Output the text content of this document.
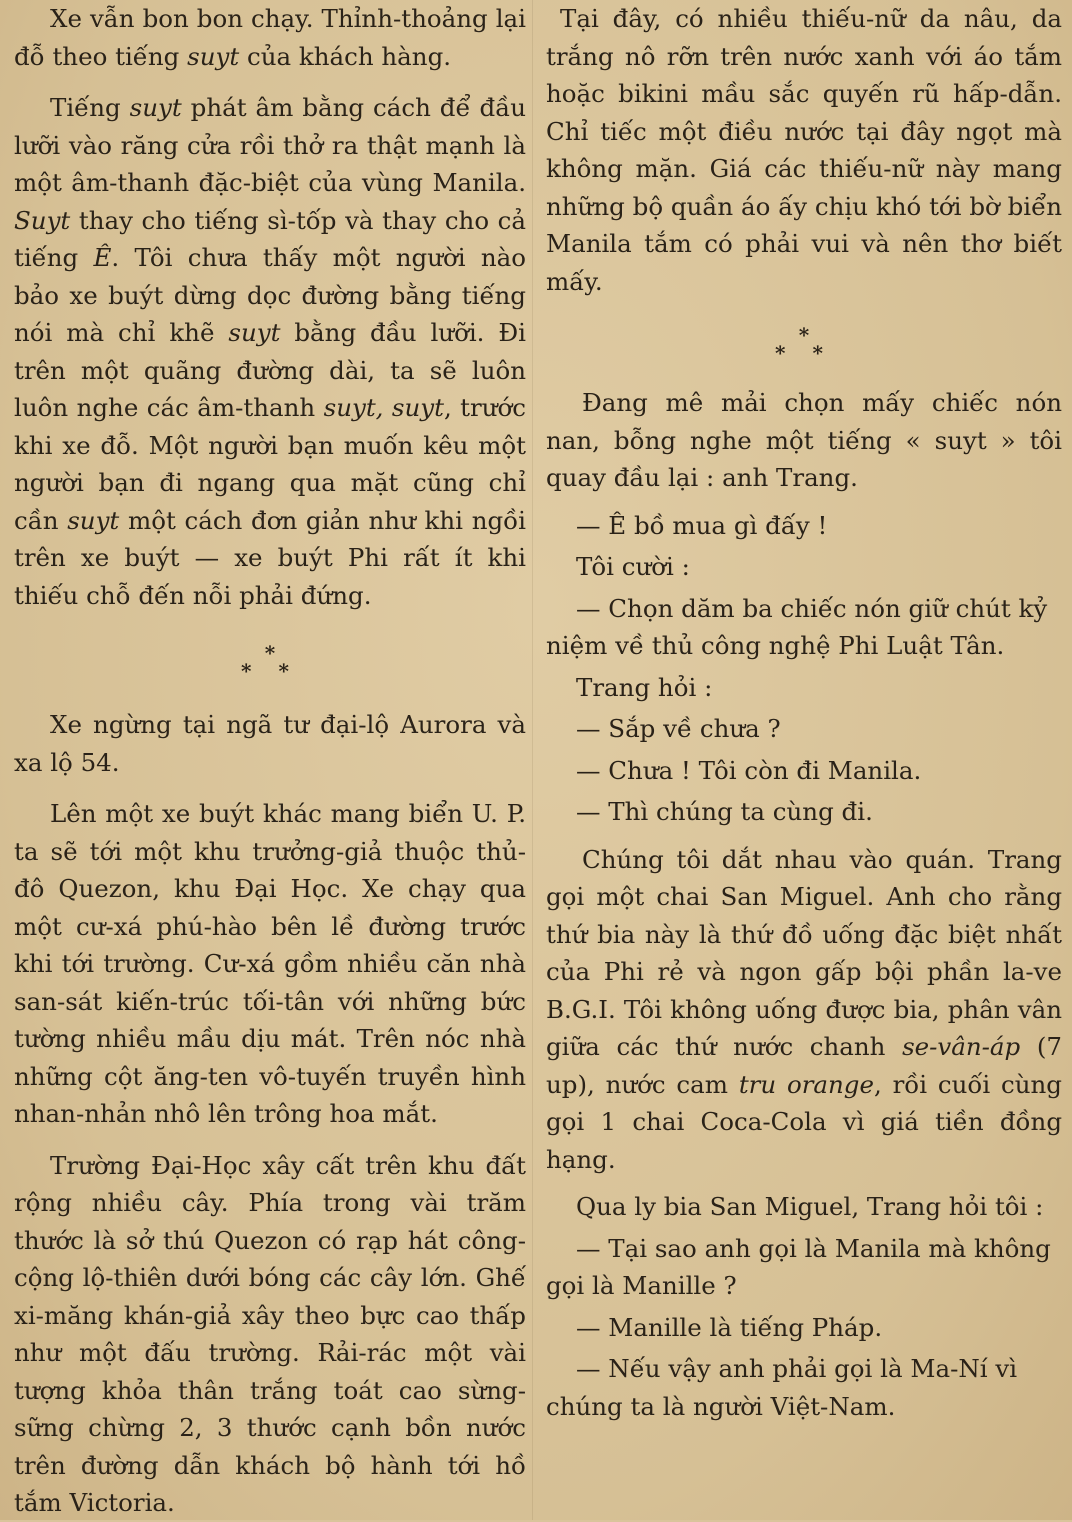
Xe vẫn bon bon chạy. Thỉnh-thoảng lại đỗ theo tiếng suyt của khách hàng.

Tiếng suyt phát âm bằng cách để đầu lưỡi vào răng cửa rồi thở ra thật mạnh là một âm-thanh đặc-biệt của vùng Manila. Suyt thay cho tiếng sì-tốp và thay cho cả tiếng Ê. Tôi chưa thấy một người nào bảo xe buýt dừng dọc đường bằng tiếng nói mà chỉ khẽ suyt bằng đầu lưỡi. Đi trên một quãng đường dài, ta sẽ luôn luôn nghe các âm-thanh suyt, suyt, trước khi xe đỗ. Một người bạn muốn kêu một người bạn đi ngang qua mặt cũng chỉ cần suyt một cách đơn giản như khi ngồi trên xe buýt — xe buýt Phi rất ít khi thiếu chỗ đến nỗi phải đứng.

*
* *

Xe ngừng tại ngã tư đại-lộ Aurora và xa lộ 54.

Lên một xe buýt khác mang biển U. P. ta sẽ tới một khu trưởng-giả thuộc thủ-đô Quezon, khu Đại Học. Xe chạy qua một cư-xá phú-hào bên lề đường trước khi tới trường. Cư-xá gồm nhiều căn nhà san-sát kiến-trúc tối-tân với những bức tường nhiều mầu dịu mát. Trên nóc nhà những cột ăng-ten vô-tuyến truyền hình nhan-nhản nhô lên trông hoa mắt.

Trường Đại-Học xây cất trên khu đất rộng nhiều cây. Phía trong vài trăm thước là sở thú Quezon có rạp hát công-cộng lộ-thiên dưới bóng các cây lớn. Ghế xi-măng khán-giả xây theo bực cao thấp như một đấu trường. Rải-rác một vài tượng khỏa thân trắng toát cao sừng-sững chừng 2, 3 thước cạnh bồn nước trên đường dẫn khách bộ hành tới hồ tắm Victoria.

Tại đây, có nhiều thiếu-nữ da nâu, da trắng nô rỡn trên nước xanh với áo tắm hoặc bikini mầu sắc quyến rũ hấp-dẫn. Chỉ tiếc một điều nước tại đây ngọt mà không mặn. Giá các thiếu-nữ này mang những bộ quần áo ấy chịu khó tới bờ biển Manila tắm có phải vui và nên thơ biết mấy.

*
* *

Đang mê mải chọn mấy chiếc nón nan, bỗng nghe một tiếng « suyt » tôi quay đầu lại : anh Trang.

— Ê bồ mua gì đấy !

Tôi cười :

— Chọn dăm ba chiếc nón giữ chút kỷ niệm về thủ công nghệ Phi Luật Tân.

Trang hỏi :

— Sắp về chưa ?

— Chưa ! Tôi còn đi Manila.

— Thì chúng ta cùng đi.

Chúng tôi dắt nhau vào quán. Trang gọi một chai San Miguel. Anh cho rằng thứ bia này là thứ đồ uống đặc biệt nhất của Phi rẻ và ngon gấp bội phần la-ve B.G.I. Tôi không uống được bia, phân vân giữa các thứ nước chanh se-vân-áp (7 up), nước cam tru orange, rồi cuối cùng gọi 1 chai Coca-Cola vì giá tiền đồng hạng.

Qua ly bia San Miguel, Trang hỏi tôi :

— Tại sao anh gọi là Manila mà không gọi là Manille ?

— Manille là tiếng Pháp.

— Nếu vậy anh phải gọi là Ma-Ní vì chúng ta là người Việt-Nam.
